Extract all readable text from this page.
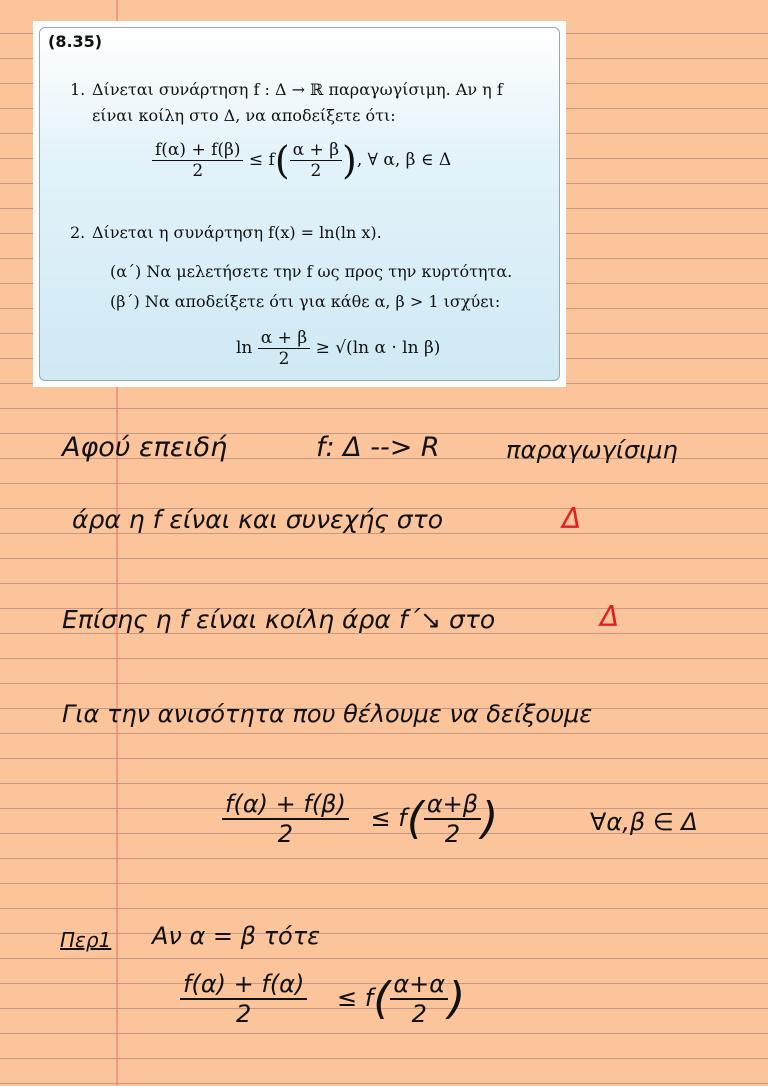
(8.35)
1. Δίνεται συνάρτηση f : Δ → ℝ παραγωγίσιμη. Αν η f
είναι κοίλη στο Δ, να αποδείξετε ότι:
$\frac{f(\alpha) + f(\beta)}{2} \le f( \frac{\alpha + \beta}{2}$ ), ∀ α, β ∈ Δ
2. Δίνεται η συνάρτηση f(x) = ln(ln x).
(α΄) Να μελετήσετε την f ως προς την κυρτότητα.
(β΄) Να αποδείξετε ότι για κάθε α, β > 1 ισχύει:
$\ln \frac{\alpha + \beta}{2} \ge √(\ln$ α · ln β)
Αφού επειδή	f: Δ --> R	παραγωγίσιμη
άρα η f είναι και συνεχής στο	Δ
Επίσης η f είναι κοίλη άρα f΄↘ στο	Δ
Για την ανισότητα που θέλουμε να δείξουμε
$\frac{f(\alpha) + f(\beta)}{2} \le f( \frac{\alpha+\beta}{2}$ )	∀α,β ∈ Δ
Περ1 Αν α = β τότε
$\frac{f(\alpha) + f(\alpha)}{2} \le f( \frac{\alpha+\alpha}{2}$ )
